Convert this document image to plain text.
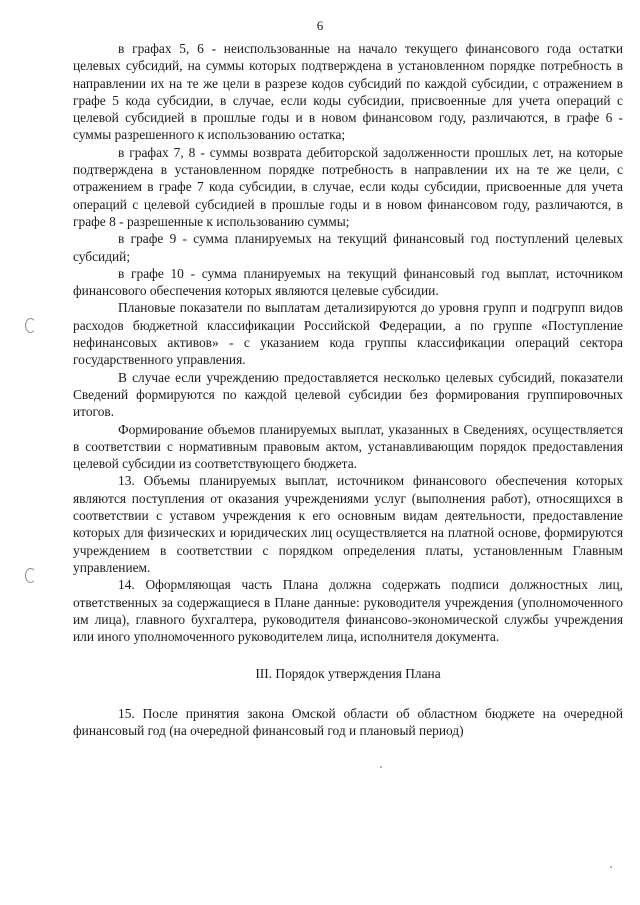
6

в графах 5, 6 - неиспользованные на начало текущего финансового года остатки целевых субсидий, на суммы которых подтверждена в установленном порядке потребность в направлении их на те же цели в разрезе кодов субсидий по каждой субсидии, с отражением в графе 5 кода субсидии, в случае, если коды субсидии, присвоенные для учета операций с целевой субсидией в прошлые годы и в новом финансовом году, различаются, в графе 6 - суммы разрешенного к использованию остатка;

в графах 7, 8 - суммы возврата дебиторской задолженности прошлых лет, на которые подтверждена в установленном порядке потребность в направлении их на те же цели, с отражением в графе 7 кода субсидии, в случае, если коды субсидии, присвоенные для учета операций с целевой субсидией в прошлые годы и в новом финансовом году, различаются, в графе 8 - разрешенные к использованию суммы;

в графе 9 - сумма планируемых на текущий финансовый год поступлений целевых субсидий;

в графе 10 - сумма планируемых на текущий финансовый год выплат, источником финансового обеспечения которых являются целевые субсидии.

Плановые показатели по выплатам детализируются до уровня групп и подгрупп видов расходов бюджетной классификации Российской Федерации, а по группе «Поступление нефинансовых активов» - с указанием кода группы классификации операций сектора государственного управления.

В случае если учреждению предоставляется несколько целевых субсидий, показатели Сведений формируются по каждой целевой субсидии без формирования группировочных итогов.

Формирование объемов планируемых выплат, указанных в Сведениях, осуществляется в соответствии с нормативным правовым актом, устанавливающим порядок предоставления целевой субсидии из соответствующего бюджета.

13. Объемы планируемых выплат, источником финансового обеспечения которых являются поступления от оказания учреждениями услуг (выполнения работ), относящихся в соответствии с уставом учреждения к его основным видам деятельности, предоставление которых для физических и юридических лиц осуществляется на платной основе, формируются учреждением в соответствии с порядком определения платы, установленным Главным управлением.

14. Оформляющая часть Плана должна содержать подписи должностных лиц, ответственных за содержащиеся в Плане данные: руководителя учреждения (уполномоченного им лица), главного бухгалтера, руководителя финансово-экономической службы учреждения или иного уполномоченного руководителем лица, исполнителя документа.

III. Порядок утверждения Плана

15. После принятия закона Омской области об областном бюджете на очередной финансовый год (на очередной финансовый год и плановый период)
